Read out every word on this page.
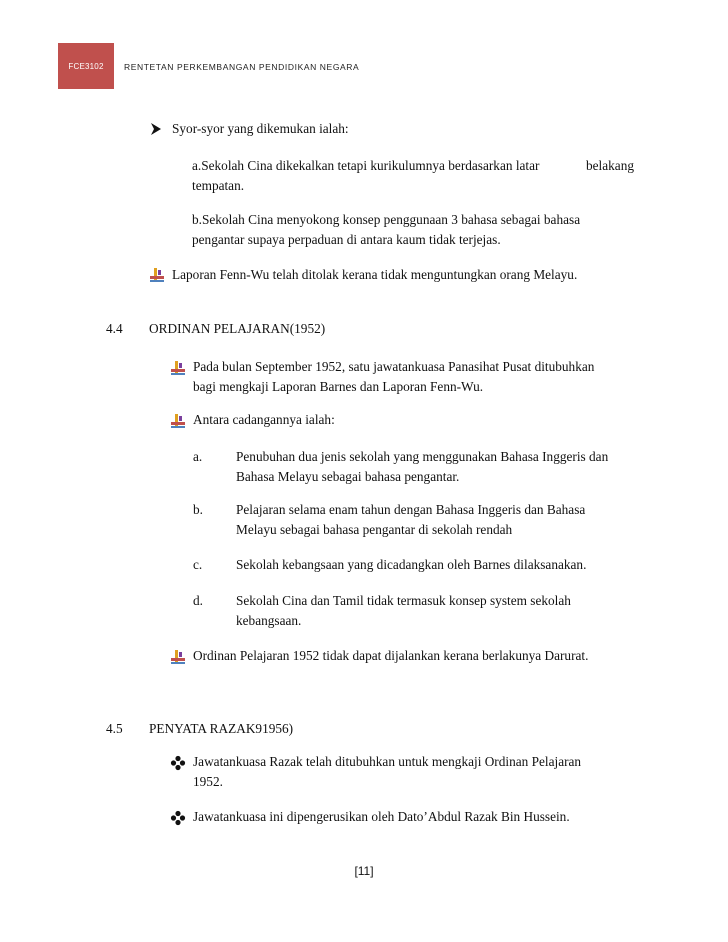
FCE3102 RENTETAN PERKEMBANGAN PENDIDIKAN NEGARA
Syor-syor yang dikemukan ialah:
a.Sekolah Cina dikekalkan tetapi kurikulumnya berdasarkan latar	belakang
tempatan.
b.Sekolah Cina menyokong konsep penggunaan 3 bahasa sebagai bahasa
pengantar supaya perpaduan di antara kaum tidak terjejas.
Laporan Fenn-Wu telah ditolak kerana tidak menguntungkan orang Melayu.
4.4 ORDINAN PELAJARAN(1952)
Pada bulan September 1952, satu jawatankuasa Panasihat Pusat ditubuhkan
bagi mengkaji Laporan Barnes dan Laporan Fenn-Wu.
Antara cadangannya ialah:
a.	Penubuhan dua jenis sekolah yang menggunakan Bahasa Inggeris dan
Bahasa Melayu sebagai bahasa pengantar.
b. Pelajaran selama enam tahun dengan Bahasa Inggeris dan Bahasa
Melayu sebagai bahasa pengantar di sekolah rendah
c.	Sekolah kebangsaan yang dicadangkan oleh Barnes dilaksanakan.
d. Sekolah Cina dan Tamil tidak termasuk konsep system sekolah
kebangsaan.
Ordinan Pelajaran 1952 tidak dapat dijalankan kerana berlakunya Darurat.
4.5 PENYATA RAZAK91956)
Jawatankuasa Razak telah ditubuhkan untuk mengkaji Ordinan Pelajaran
1952.
Jawatankuasa ini dipengerusikan oleh Dato’Abdul Razak Bin Hussein.
[11]
